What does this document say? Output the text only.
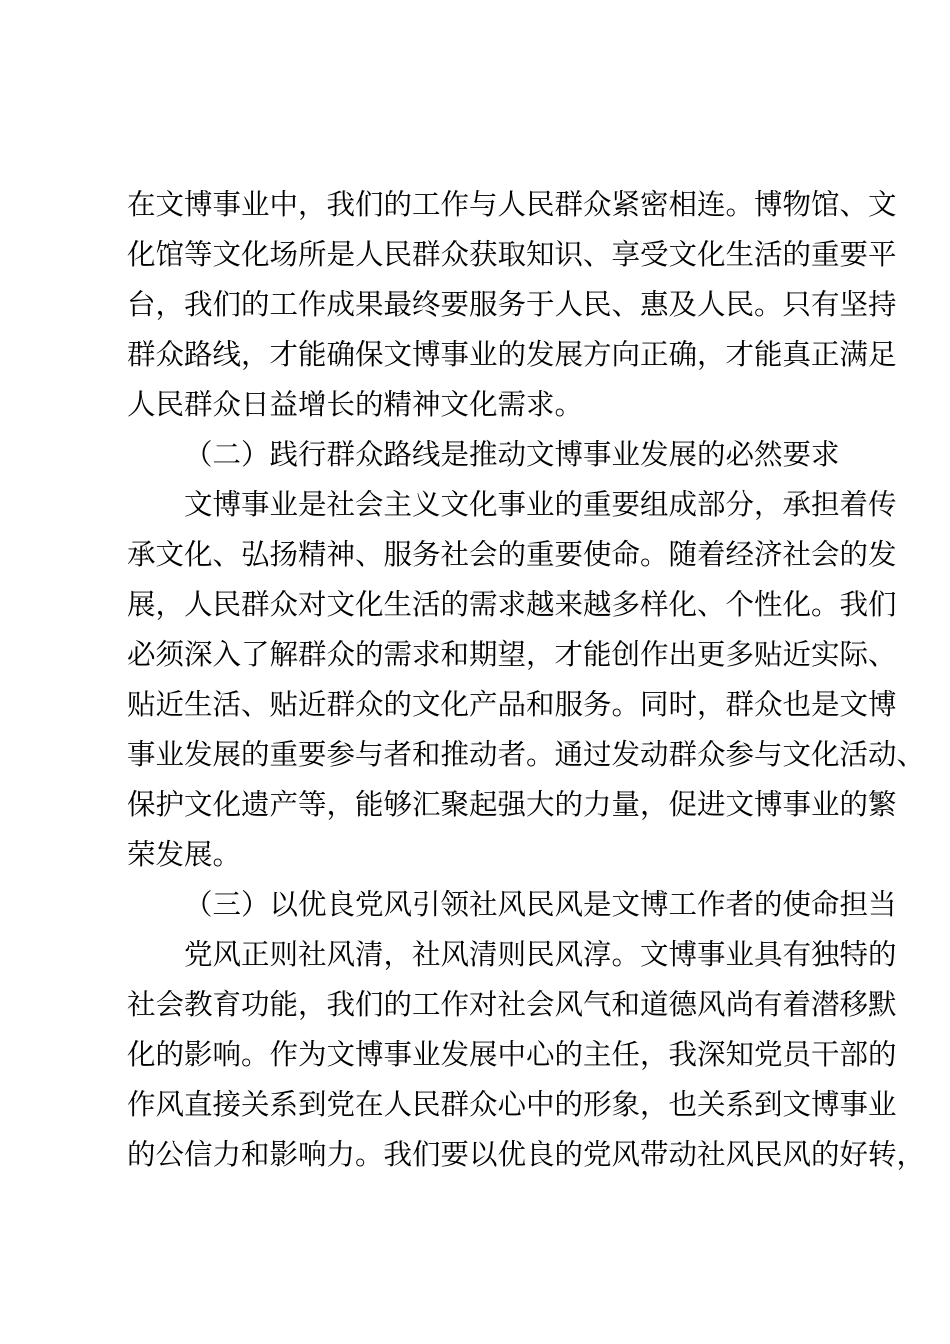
在文博事业中，我们的工作与人民群众紧密相连。博物馆、文
化馆等文化场所是人民群众获取知识、享受文化生活的重要平
台，我们的工作成果最终要服务于人民、惠及人民。只有坚持
群众路线，才能确保文博事业的发展方向正确，才能真正满足
人民群众日益增长的精神文化需求。
（二）践行群众路线是推动文博事业发展的必然要求
文博事业是社会主义文化事业的重要组成部分，承担着传
承文化、弘扬精神、服务社会的重要使命。随着经济社会的发
展，人民群众对文化生活的需求越来越多样化、个性化。我们
必须深入了解群众的需求和期望，才能创作出更多贴近实际、
贴近生活、贴近群众的文化产品和服务。同时，群众也是文博
事业发展的重要参与者和推动者。通过发动群众参与文化活动、
保护文化遗产等，能够汇聚起强大的力量，促进文博事业的繁
荣发展。
（三）以优良党风引领社风民风是文博工作者的使命担当
党风正则社风清，社风清则民风淳。文博事业具有独特的
社会教育功能，我们的工作对社会风气和道德风尚有着潜移默
化的影响。作为文博事业发展中心的主任，我深知党员干部的
作风直接关系到党在人民群众心中的形象，也关系到文博事业
的公信力和影响力。我们要以优良的党风带动社风民风的好转，
